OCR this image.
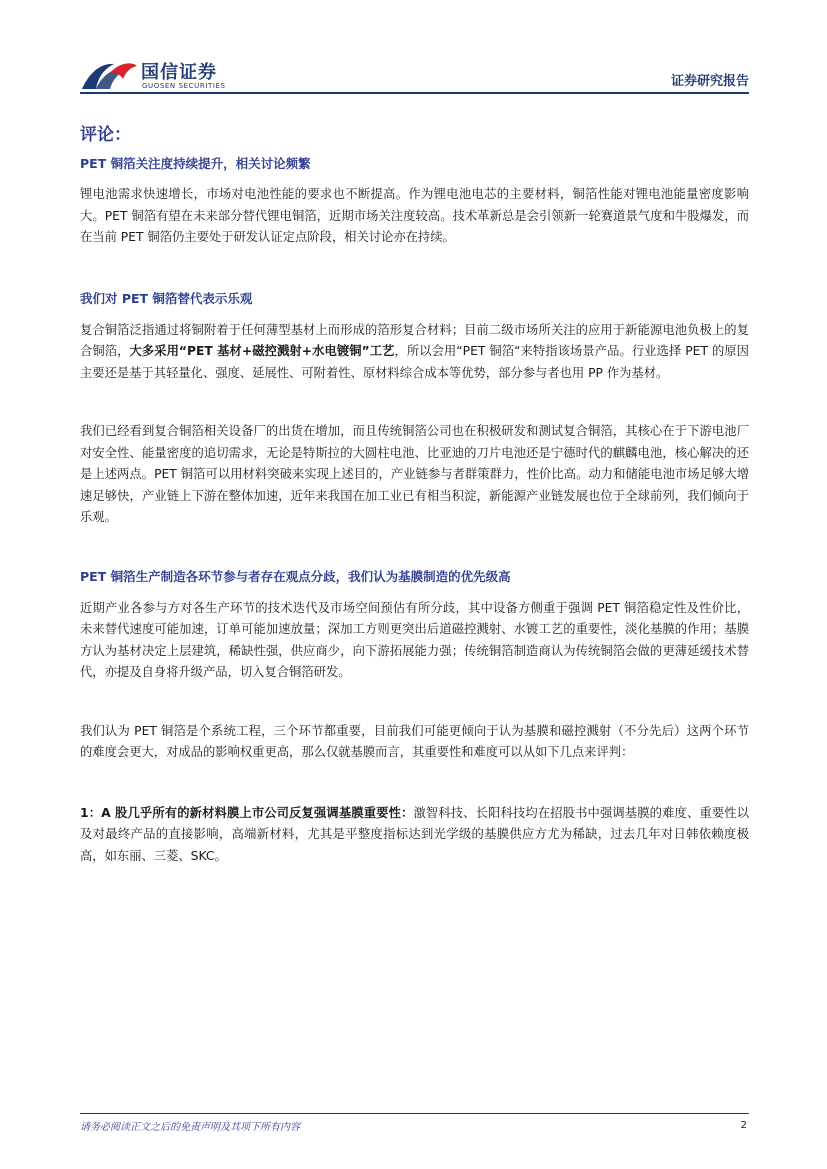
国信证券
GUOSEN SECURITIES	证券研究报告
评论：
PET 铜箔关注度持续提升，相关讨论频繁

锂电池需求快速增长，市场对电池性能的要求也不断提高。作为锂电池电芯的主要材料，铜箔性能对锂电池能量密度影响大。PET 铜箔有望在未来部分替代锂电铜箔，近期市场关注度较高。技术革新总是会引领新一轮赛道景气度和牛股爆发，而在当前 PET 铜箔仍主要处于研发认证定点阶段，相关讨论亦在持续。

我们对 PET 铜箔替代表示乐观

复合铜箔泛指通过将铜附着于任何薄型基材上而形成的箔形复合材料；目前二级市场所关注的应用于新能源电池负极上的复合铜箔，大多采用“PET 基材+磁控溅射+水电镀铜”工艺，所以会用“PET 铜箔“来特指该场景产品。行业选择 PET 的原因主要还是基于其轻量化、强度、延展性、可附着性、原材料综合成本等优势，部分参与者也用 PP 作为基材。

我们已经看到复合铜箔相关设备厂的出货在增加，而且传统铜箔公司也在积极研发和测试复合铜箔，其核心在于下游电池厂对安全性、能量密度的追切需求，无论是特斯拉的大圆柱电池、比亚迪的刀片电池还是宁德时代的麒麟电池，核心解决的还是上述两点。PET 铜箔可以用材料突破来实现上述目的，产业链参与者群策群力，性价比高。动力和储能电池市场足够大增速足够快，产业链上下游在整体加速，近年来我国在加工业已有相当积淀，新能源产业链发展也位于全球前列，我们倾向于乐观。

PET 铜箔生产制造各环节参与者存在观点分歧，我们认为基膜制造的优先级高

近期产业各参与方对各生产环节的技术迭代及市场空间预估有所分歧，其中设备方侧重于强调 PET 铜箔稳定性及性价比，未来替代速度可能加速，订单可能加速放量；深加工方则更突出后道磁控溅射、水镀工艺的重要性，淡化基膜的作用；基膜方认为基材决定上层建筑，稀缺性强，供应商少，向下游拓展能力强；传统铜箔制造商认为传统铜箔会做的更薄延缓技术替代，亦提及自身将升级产品，切入复合铜箔研发。

我们认为 PET 铜箔是个系统工程，三个环节都重要，目前我们可能更倾向于认为基膜和磁控溅射（不分先后）这两个环节的难度会更大，对成品的影响权重更高，那么仅就基膜而言，其重要性和难度可以从如下几点来评判：

1：A 股几乎所有的新材料膜上市公司反复强调基膜重要性：激智科技、长阳科技均在招股书中强调基膜的难度、重要性以及对最终产品的直接影响，高端新材料，尤其是平整度指标达到光学级的基膜供应方尤为稀缺，过去几年对日韩依赖度极高，如东丽、三菱、SKC。

请务必阅读正文之后的免责声明及其项下所有内容	2
